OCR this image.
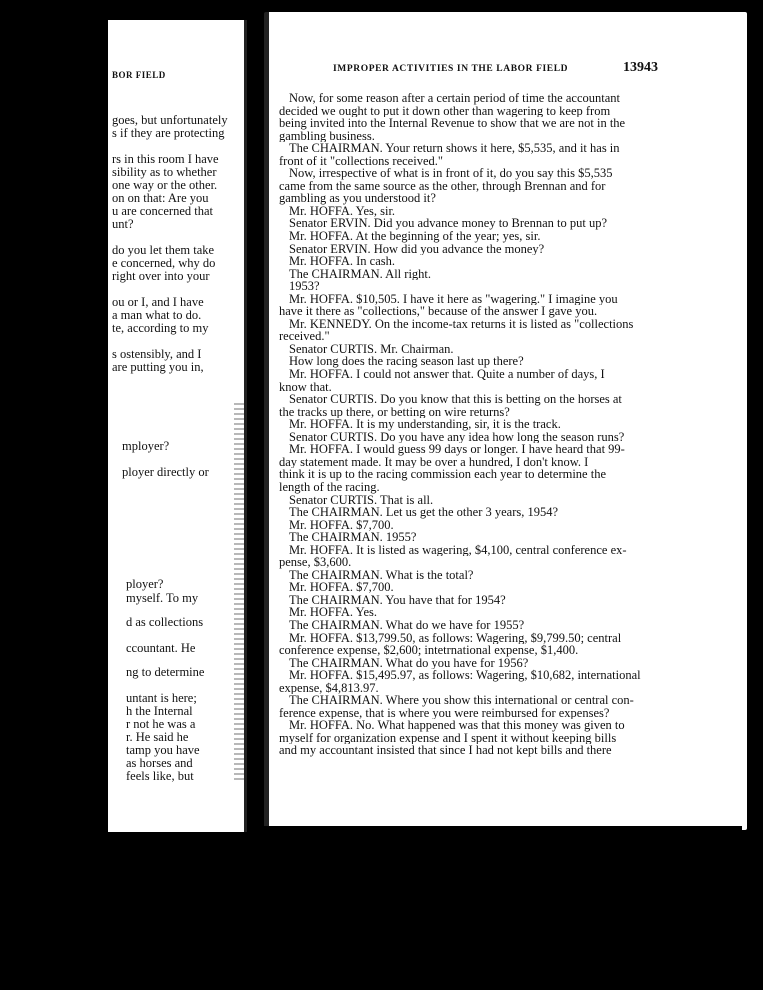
BOR FIELD
goes, but unfortunately
s if they are protecting
rs in this room I have
sibility as to whether
one way or the other.
on on that: Are you
u are concerned that
unt?
do you let them take
e concerned, why do
right over into your
ou or I, and I have
a man what to do.
te, according to my
s ostensibly, and I
are putting you in,
mployer?
ployer directly or
ployer?
myself. To my
d as collections
ccountant. He
ng to determine
untant is here;
h the Internal
r not he was a
r. He said he
tamp you have
as horses and
feels like, but
IMPROPER ACTIVITIES IN THE LABOR FIELD	13943
Now, for some reason after a certain period of time the accountant
decided we ought to put it down other than wagering to keep from
being invited into the Internal Revenue to show that we are not in the
gambling business.
The CHAIRMAN. Your return shows it here, $5,535, and it has in
front of it "collections received."
Now, irrespective of what is in front of it, do you say this $5,535
came from the same source as the other, through Brennan and for
gambling as you understood it?
Mr. HOFFA. Yes, sir.
Senator ERVIN. Did you advance money to Brennan to put up?
Mr. HOFFA. At the beginning of the year; yes, sir.
Senator ERVIN. How did you advance the money?
Mr. HOFFA. In cash.
The CHAIRMAN. All right.
1953?
Mr. HOFFA. $10,505. I have it here as "wagering." I imagine you
have it there as "collections," because of the answer I gave you.
Mr. KENNEDY. On the income-tax returns it is listed as "collections
received."
Senator CURTIS. Mr. Chairman.
How long does the racing season last up there?
Mr. HOFFA. I could not answer that. Quite a number of days, I
know that.
Senator CURTIS. Do you know that this is betting on the horses at
the tracks up there, or betting on wire returns?
Mr. HOFFA. It is my understanding, sir, it is the track.
Senator CURTIS. Do you have any idea how long the season runs?
Mr. HOFFA. I would guess 99 days or longer. I have heard that 99-
day statement made. It may be over a hundred, I don't know. I
think it is up to the racing commission each year to determine the
length of the racing.
Senator CURTIS. That is all.
The CHAIRMAN. Let us get the other 3 years, 1954?
Mr. HOFFA. $7,700.
The CHAIRMAN. 1955?
Mr. HOFFA. It is listed as wagering, $4,100, central conference ex-
pense, $3,600.
The CHAIRMAN. What is the total?
Mr. HOFFA. $7,700.
The CHAIRMAN. You have that for 1954?
Mr. HOFFA. Yes.
The CHAIRMAN. What do we have for 1955?
Mr. HOFFA. $13,799.50, as follows: Wagering, $9,799.50; central
conference expense, $2,600; intetrnational expense, $1,400.
The CHAIRMAN. What do you have for 1956?
Mr. HOFFA. $15,495.97, as follows: Wagering, $10,682, international
expense, $4,813.97.
The CHAIRMAN. Where you show this international or central con-
ference expense, that is where you were reimbursed for expenses?
Mr. HOFFA. No. What happened was that this money was given to
myself for organization expense and I spent it without keeping bills
and my accountant insisted that since I had not kept bills and there
